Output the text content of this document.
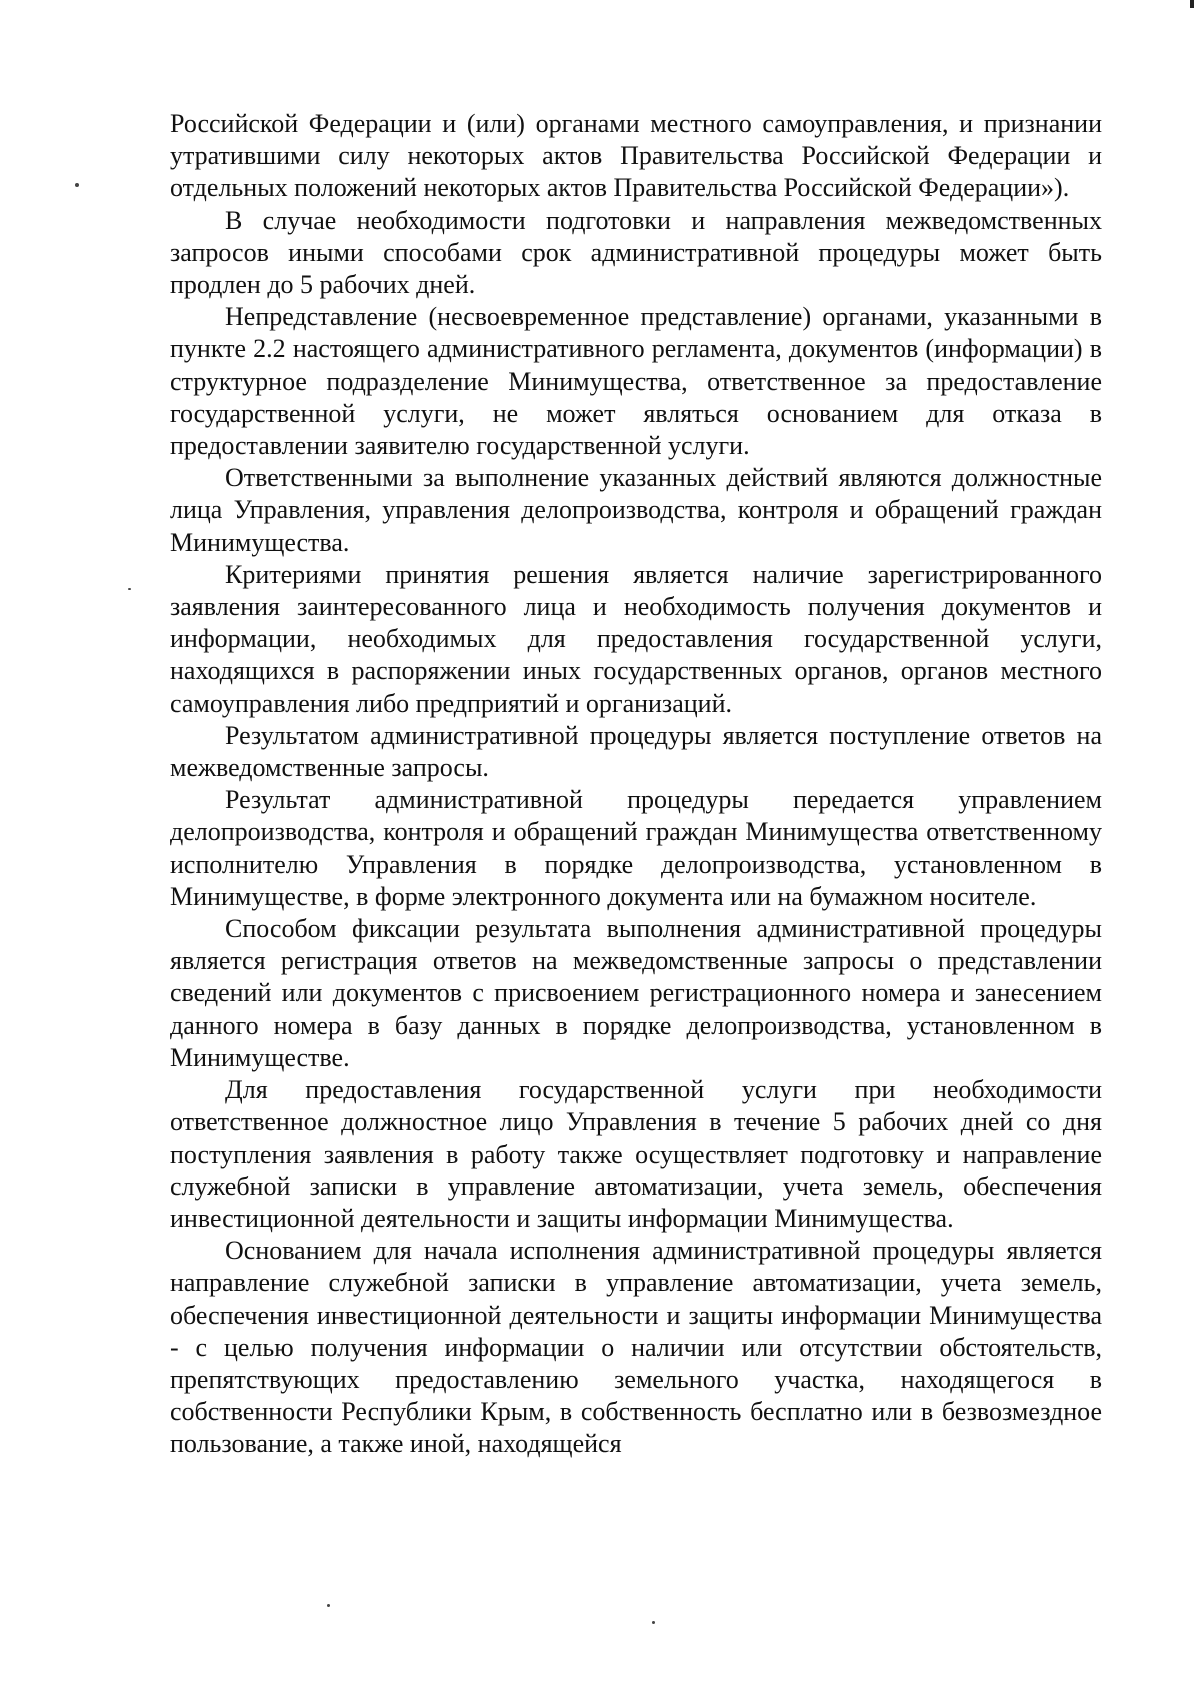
Российской Федерации и (или) органами местного самоуправления, и признании утратившими силу некоторых актов Правительства Российской Федерации и отдельных положений некоторых актов Правительства Российской Федерации»).

В случае необходимости подготовки и направления межведомственных запросов иными способами срок административной процедуры может быть продлен до 5 рабочих дней.

Непредставление (несвоевременное представление) органами, указанными в пункте 2.2 настоящего административного регламента, документов (информации) в структурное подразделение Минимущества, ответственное за предоставление государственной услуги, не может являться основанием для отказа в предоставлении заявителю государственной услуги.

Ответственными за выполнение указанных действий являются должностные лица Управления, управления делопроизводства, контроля и обращений граждан Минимущества.

Критериями принятия решения является наличие зарегистрированного заявления заинтересованного лица и необходимость получения документов и информации, необходимых для предоставления государственной услуги, находящихся в распоряжении иных государственных органов, органов местного самоуправления либо предприятий и организаций.

Результатом административной процедуры является поступление ответов на межведомственные запросы.

Результат административной процедуры передается управлением делопроизводства, контроля и обращений граждан Минимущества ответственному исполнителю Управления в порядке делопроизводства, установленном в Минимуществе, в форме электронного документа или на бумажном носителе.

Способом фиксации результата выполнения административной процедуры является регистрация ответов на межведомственные запросы о представлении сведений или документов с присвоением регистрационного номера и занесением данного номера в базу данных в порядке делопроизводства, установленном в Минимуществе.

Для предоставления государственной услуги при необходимости ответственное должностное лицо Управления в течение 5 рабочих дней со дня поступления заявления в работу также осуществляет подготовку и направление служебной записки в управление автоматизации, учета земель, обеспечения инвестиционной деятельности и защиты информации Минимущества.

Основанием для начала исполнения административной процедуры является направление служебной записки в управление автоматизации, учета земель, обеспечения инвестиционной деятельности и защиты информации Минимущества - с целью получения информации о наличии или отсутствии обстоятельств, препятствующих предоставлению земельного участка, находящегося в собственности Республики Крым, в собственность бесплатно или в безвозмездное пользование, а также иной, находящейся
